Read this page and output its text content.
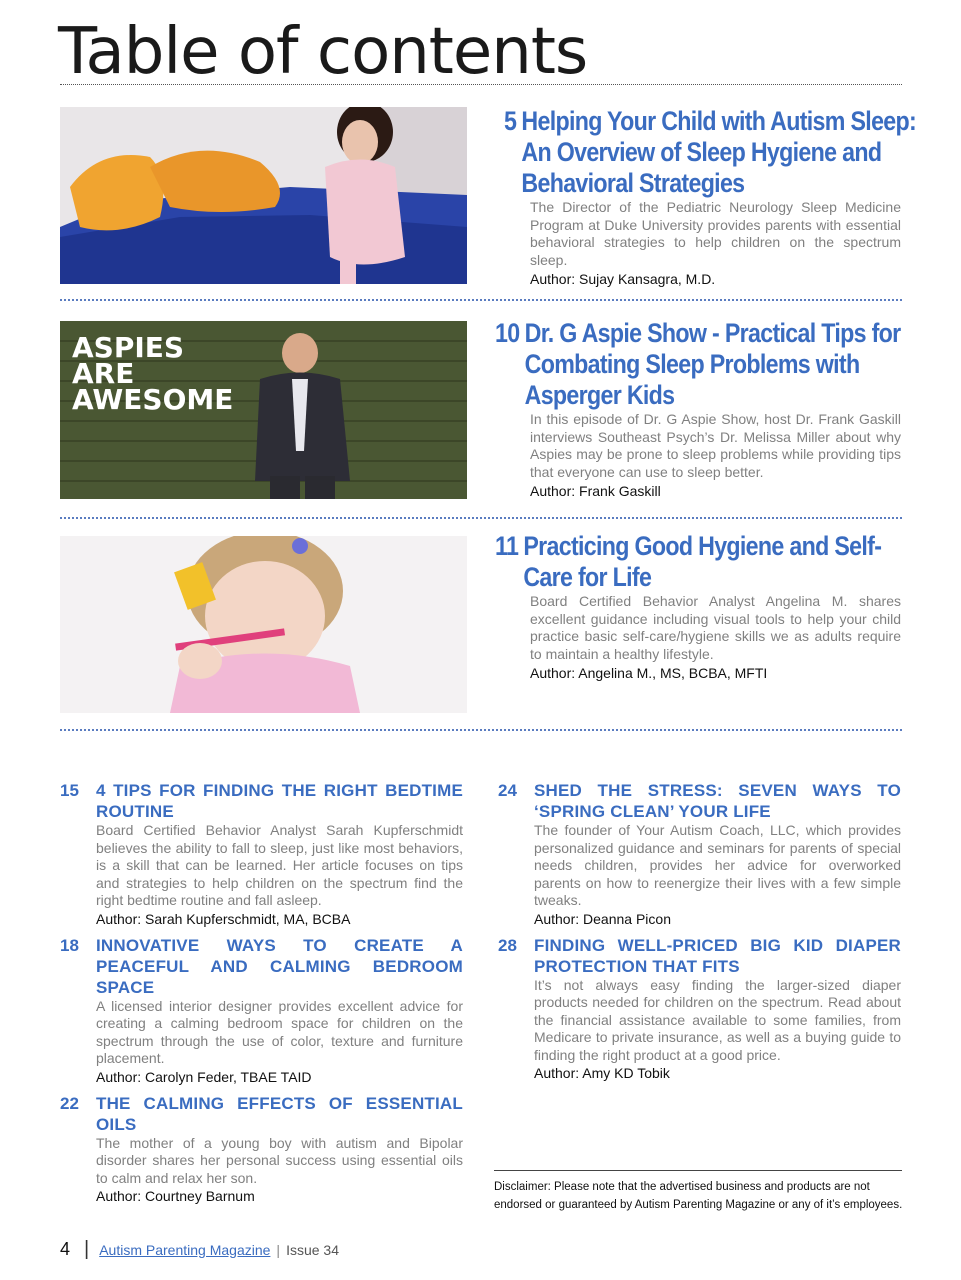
Table of contents
5 Helping Your Child with Autism Sleep: An Overview of Sleep Hygiene and Behavioral Strategies

The Director of the Pediatric Neurology Sleep Medicine Program at Duke University provides parents with essential behavioral strategies to help children on the spectrum sleep.

Author: Sujay Kansagra, M.D.

ASPIES
ARE
AWESOME
10 Dr. G Aspie Show - Practical Tips for Combating Sleep Problems with Asperger Kids

In this episode of Dr. G Aspie Show, host Dr. Frank Gaskill interviews Southeast Psych’s Dr. Melissa Miller about why Aspies may be prone to sleep problems while providing tips that everyone can use to sleep better.

Author: Frank Gaskill

11 Practicing Good Hygiene and Self-Care for Life

Board Certified Behavior Analyst Angelina M. shares excellent guidance including visual tools to help your child practice basic self-care/hygiene skills we as adults require to maintain a healthy lifestyle.

Author: Angelina M., MS, BCBA, MFTI

15	4 TIPS FOR FINDING THE RIGHT BEDTIME ROUTINE
Board Certified Behavior Analyst Sarah Kupferschmidt believes the ability to fall to sleep, just like most behaviors, is a skill that can be learned. Her article focuses on tips and strategies to help children on the spectrum find the right bedtime routine and fall asleep.
Author: Sarah Kupferschmidt, MA, BCBA
18	INNOVATIVE WAYS TO CREATE A PEACEFUL AND CALMING BEDROOM SPACE
A licensed interior designer provides excellent advice for creating a calming bedroom space for children on the spectrum through the use of color, texture and furniture placement.
Author: Carolyn Feder, TBAE TAID
22	THE CALMING EFFECTS OF ESSENTIAL OILS
The mother of a young boy with autism and Bipolar disorder shares her personal success using essential oils to calm and relax her son.
Author: Courtney Barnum
24	SHED THE STRESS: SEVEN WAYS TO ‘SPRING CLEAN’ YOUR LIFE
The founder of Your Autism Coach, LLC, which provides personalized guidance and seminars for parents of special needs children, provides her advice for overworked parents on how to reenergize their lives with a few simple tweaks.
Author: Deanna Picon
28	FINDING WELL-PRICED BIG KID DIAPER PROTECTION THAT FITS
It’s not always easy finding the larger-sized diaper products needed for children on the spectrum. Read about the financial assistance available to some families, from Medicare to private insurance, as well as a buying guide to finding the right product at a good price.
Author: Amy KD Tobik
Disclaimer: Please note that the advertised business and products are not endorsed or guaranteed by Autism Parenting Magazine or any of it’s employees.
4 | Autism Parenting Magazine | Issue 34
